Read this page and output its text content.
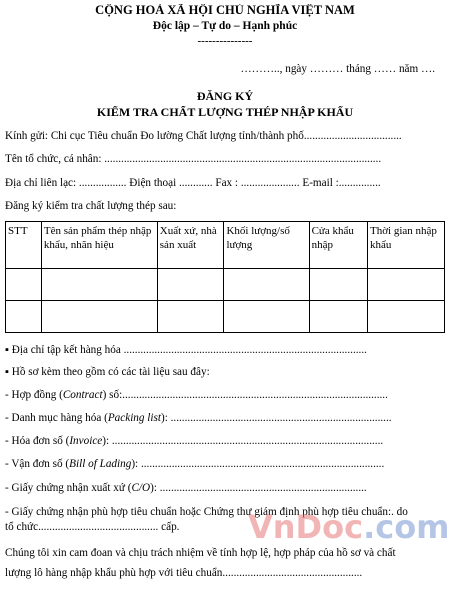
CỘNG HOÀ XÃ HỘI CHỦ NGHĨA VIỆT NAM
Độc lập – Tự do – Hạnh phúc
---------------
……….., ngày ……… tháng …… năm ….
ĐĂNG KÝ
KIỂM TRA CHẤT LƯỢNG THÉP NHẬP KHẨU
Kính gửi: Chi cục Tiêu chuẩn Đo lường Chất lượng tỉnh/thành phố...................................
Tên tổ chức, cá nhân: ...................................................................................................
Địa chỉ liên lạc: ................. Điện thoại ............ Fax : ..................... E-mail :...............
Đăng ký kiểm tra chất lượng thép sau:
STT	Tên sản phẩm thép nhập khẩu, nhãn hiệu	Xuất xứ, nhà sản xuất	Khối lượng/số lượng	Cửa khẩu nhập	Thời gian nhập khẩu

▪ Địa chỉ tập kết hàng hóa .......................................................................................
▪ Hồ sơ kèm theo gồm có các tài liệu sau đây:
- Hợp đồng (Contract) số:...............................................................................................
- Danh mục hàng hóa (Packing list): ...............................................................................
- Hóa đơn số (Invoice): .................................................................................................
- Vận đơn số (Bill of Lading): .......................................................................................
- Giấy chứng nhận xuất xứ (C/O): ..........................................................................
- Giấy chứng nhận phù hợp tiêu chuẩn hoặc Chứng thư giám định phù hợp tiêu chuẩn:. do
tổ chức........................................... cấp.
Chúng tôi xin cam đoan và chịu trách nhiệm về tính hợp lệ, hợp pháp của hồ sơ và chất
lượng lô hàng nhập khẩu phù hợp với tiêu chuẩn..................................................
VnDoc.com
